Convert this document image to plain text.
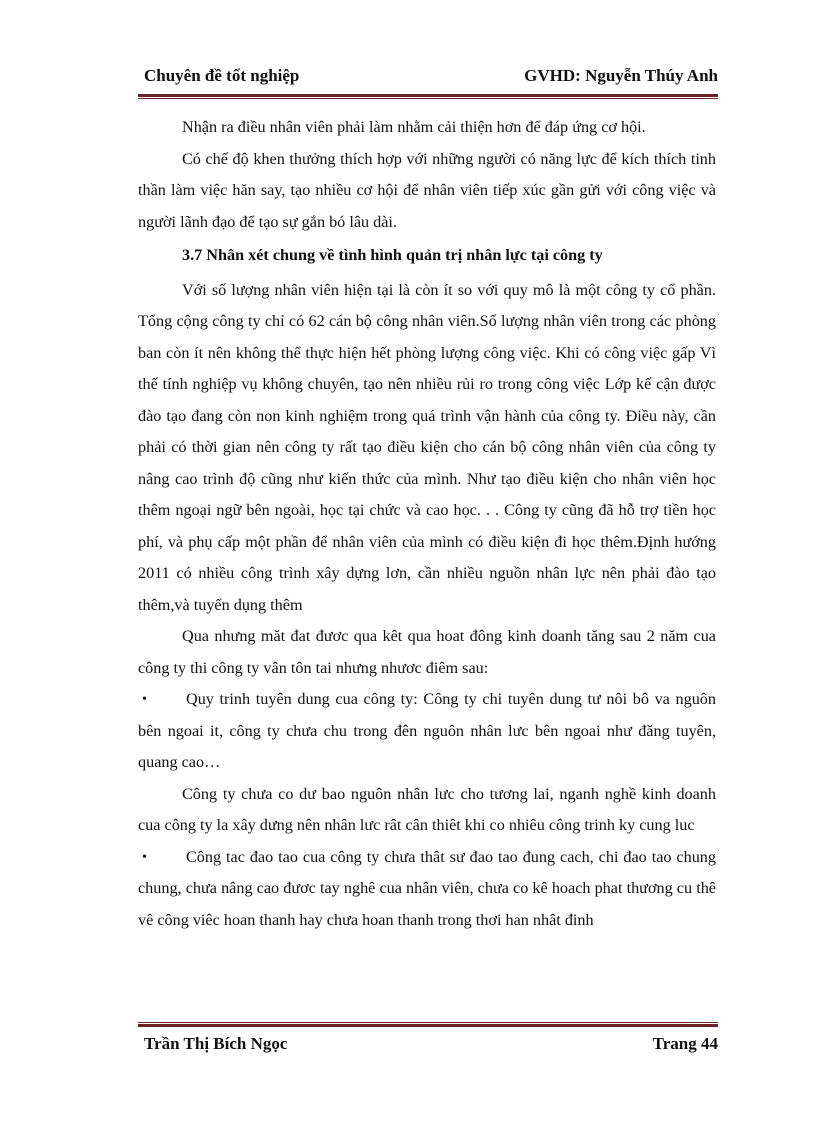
Chuyên đề tốt nghiệp	GVHD: Nguyễn Thúy Anh

Nhận ra điều nhân viên phải làm nhằm cải thiện hơn để đáp ứng cơ hội.

Có chế độ khen thưởng thích hợp với những người có năng lực để kích thích tinh thần làm việc hăn say, tạo nhiều cơ hội để nhân viên tiếp xúc gần gửi với công việc và người lãnh đạo để tạo sự gắn bó lâu dài.

3.7 Nhân xét chung về tình hình quản trị nhân lực tại công ty

Với số lượng nhân viên hiện tại là còn ít so với quy mô là một công ty cổ phần. Tổng cộng công ty chỉ có 62 cán bộ công nhân viên.Số lượng nhân viên trong các phòng ban còn ít nên không thể thực hiện hết phòng lượng công việc. Khi có công việc gấp Vì thế tính nghiệp vụ không chuyên, tạo nên nhiều rủi ro trong công việc Lớp kế cận được đào tạo đang còn non kinh nghiệm trong quá trình vận hành của công ty. Điều này, cần phải có thời gian nên công ty rất tạo điều kiện cho cán bộ công nhân viên của công ty nâng cao trình độ cũng như kiến thức của mình. Như tạo điều kiện cho nhân viên học thêm ngoại ngữ bên ngoài, học tại chức và cao học. . . Công ty cũng đã hỗ trợ tiền học phí, và phụ cấp một phần để nhân viên của mình có điều kiện đi học thêm.Định hướng 2011 có nhiều công trình xây dựng lơn, cần nhiều nguồn nhân lực nên phải đào tạo thêm,và tuyển dụng thêm

Qua nhưng măt đat đươc qua kêt qua hoat đông kinh doanh tăng sau 2 năm cua công ty thi công ty vân tôn tai nhưng nhươc điêm sau:

•	Quy trinh tuyên dung cua công ty: Công ty chi tuyên dung tư nôi bô va nguôn bên ngoai it, công ty chưa chu trong đên nguôn nhân lưc bên ngoai như đăng tuyên, quang cao…

Công ty chưa co dư bao nguôn nhân lưc cho tương lai, nganh nghề kinh doanh cua công ty la xây dưng nên nhân lưc rât cân thiêt khi co nhiêu công trinh ky cung luc

•	Công tac đao tao cua công ty chưa thât sư đao tao đung cach, chi đao tao chung chung, chưa nâng cao đươc tay nghê cua nhân viên, chưa co kê hoach phat thương cu thê vê công viêc hoan thanh hay chưa hoan thanh trong thơi han nhât đinh

Trần Thị Bích Ngọc	Trang 44
